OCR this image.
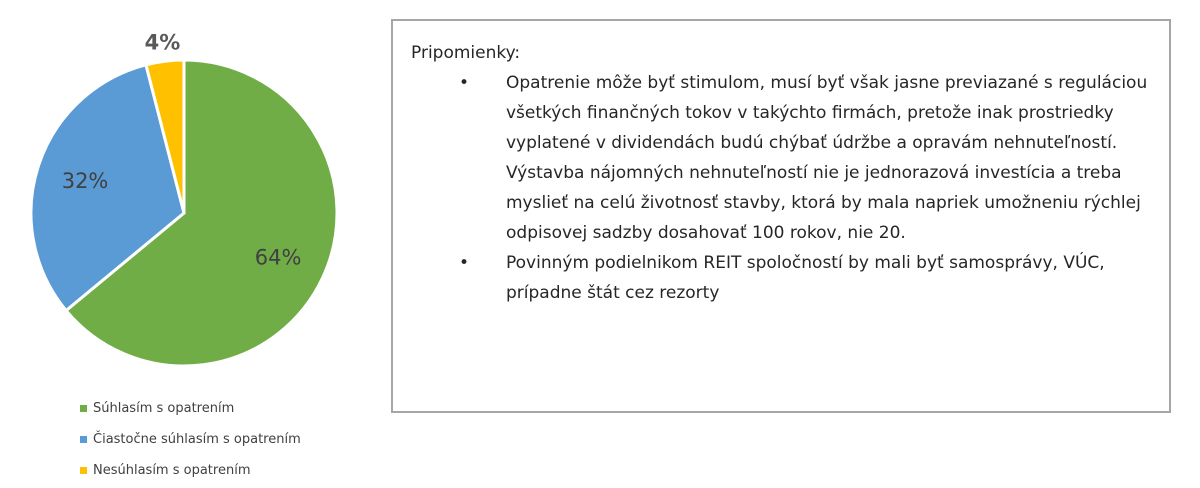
64%
32%
4%
Súhlasím s opatrením
Čiastočne súhlasím s opatrením
Nesúhlasím s opatrením
Pripomienky:
• Opatrenie môže byť stimulom, musí byť však jasne previazané s reguláciou všetkých finančných tokov v takýchto firmách, pretože inak prostriedky vyplatené v dividendách budú chýbať údržbe a opravám nehnuteľností. Výstavba nájomných nehnuteľností nie je jednorazová investícia a treba myslieť na celú životnosť stavby, ktorá by mala napriek umožneniu rýchlej odpisovej sadzby dosahovať 100 rokov, nie 20.
• Povinným podielnikom REIT spoločností by mali byť samosprávy, VÚC, prípadne štát cez rezorty
